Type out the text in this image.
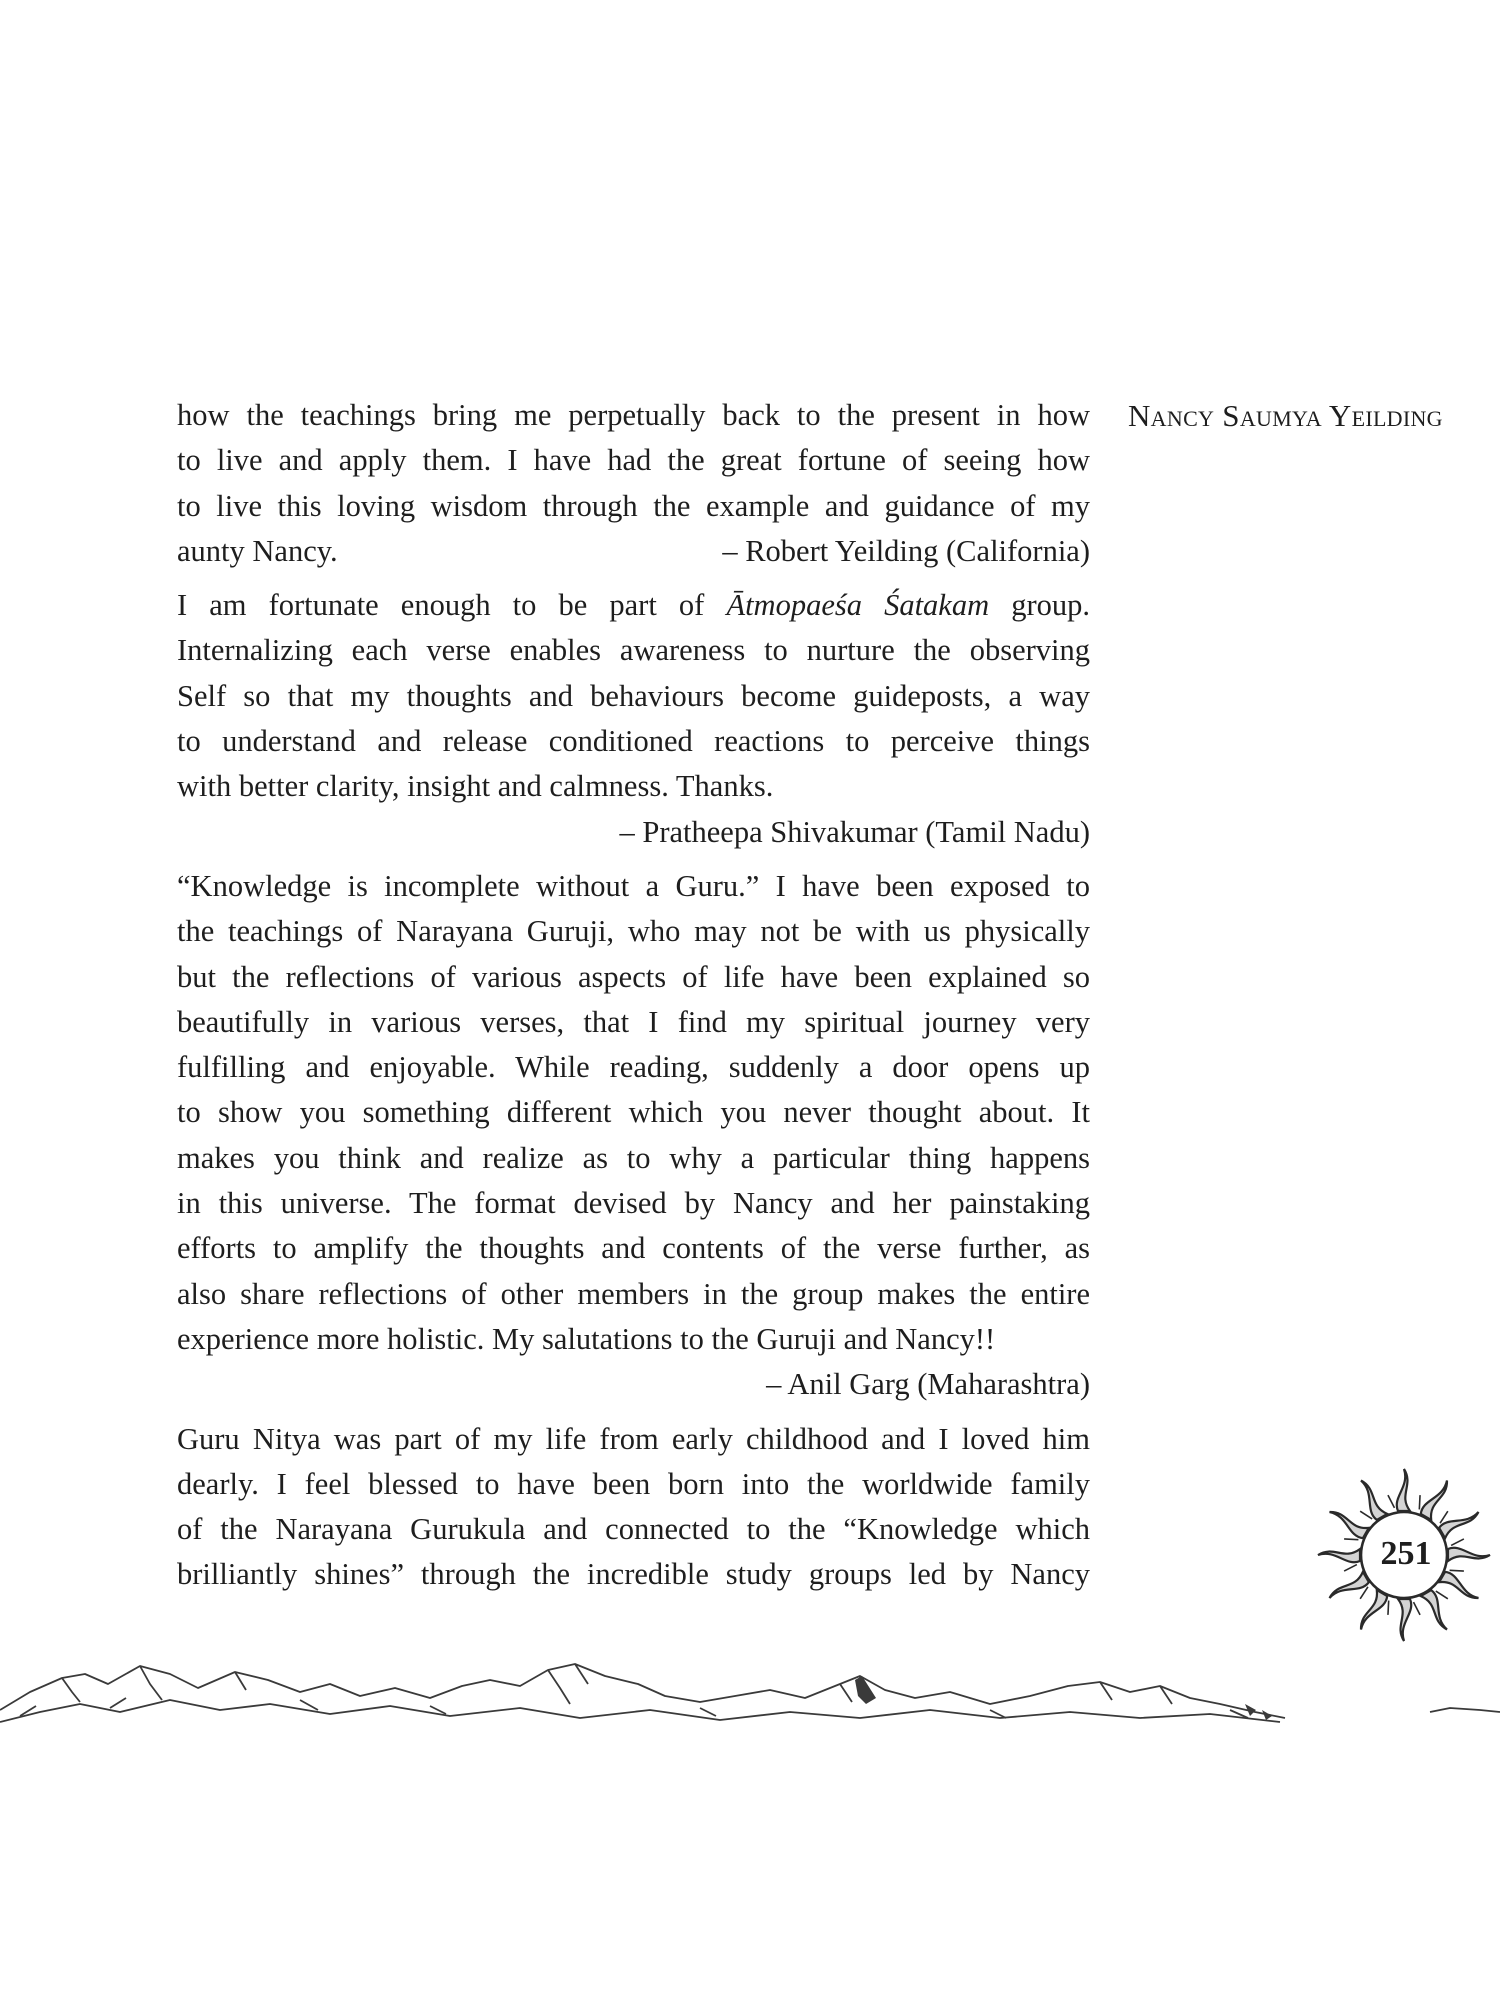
Nancy Saumya Yeilding

how the teachings bring me perpetually back to the present in how

to live and apply them. I have had the great fortune of seeing how

to live this loving wisdom through the example and guidance of my

aunty Nancy.	– Robert Yeilding (California)

I am fortunate enough to be part of Ātmopaeśa Śatakam group.

Internalizing each verse enables awareness to nurture the observing

Self so that my thoughts and behaviours become guideposts, a way

to understand and release conditioned reactions to perceive things

with better clarity, insight and calmness. Thanks.

– Pratheepa Shivakumar (Tamil Nadu)

“Knowledge is incomplete without a Guru.” I have been exposed to

the teachings of Narayana Guruji, who may not be with us physically

but the reflections of various aspects of life have been explained so

beautifully in various verses, that I find my spiritual journey very

fulfilling and enjoyable. While reading, suddenly a door opens up

to show you something different which you never thought about. It

makes you think and realize as to why a particular thing happens

in this universe. The format devised by Nancy and her painstaking

efforts to amplify the thoughts and contents of the verse further, as

also share reflections of other members in the group makes the entire

experience more holistic. My salutations to the Guruji and Nancy!!

– Anil Garg (Maharashtra)

Guru Nitya was part of my life from early childhood and I loved him

dearly. I feel blessed to have been born into the worldwide family

of the Narayana Gurukula and connected to the “Knowledge which

brilliantly shines” through the incredible study groups led by Nancy

251
